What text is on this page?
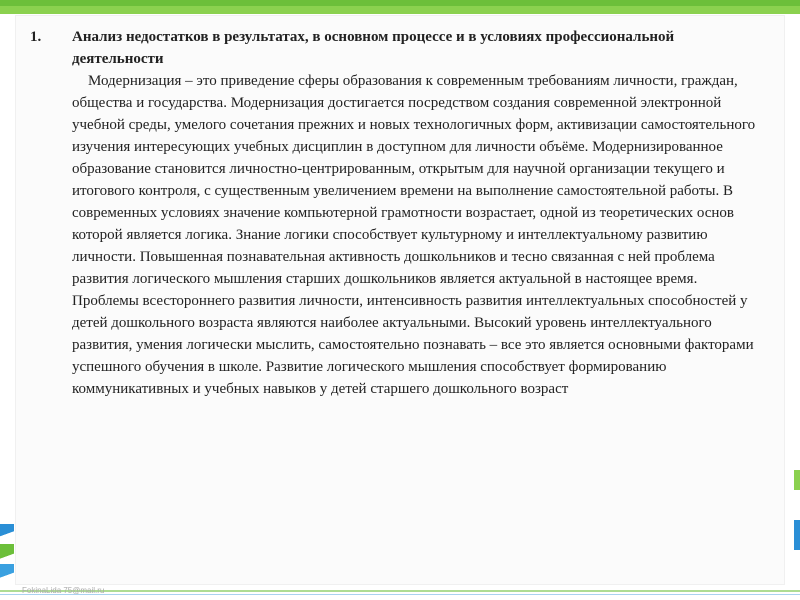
1.	Анализ недостатков в результатах, в основном процессе и в условиях профессиональной деятельности
Модернизация – это приведение сферы образования к современным требованиям личности, граждан, общества и государства. Модернизация достигается посредством создания современной электронной учебной среды, умелого сочетания прежних и новых технологичных форм, активизации самостоятельного изучения интересующих учебных дисциплин в доступном для личности объёме. Модернизированное образование становится личностно-центрированным, открытым для научной организации текущего и итогового контроля, с существенным увеличением времени на выполнение самостоятельной работы. В современных условиях значение компьютерной грамотности возрастает, одной из теоретических основ которой является логика. Знание логики способствует культурному и интеллектуальному развитию личности. Повышенная познавательная активность дошкольников и тесно связанная с ней проблема развития логического мышления старших дошкольников является актуальной в настоящее время. Проблемы всестороннего развития личности, интенсивность развития интеллектуальных способностей у детей дошкольного возраста являются наиболее актуальными. Высокий уровень интеллектуального развития, умения логически мыслить, самостоятельно познавать – все это является основными факторами успешного обучения в школе. Развитие логического мышления способствует формированию коммуникативных и учебных навыков у детей старшего дошкольного возраст
FokinaLida 75@mail.ru
